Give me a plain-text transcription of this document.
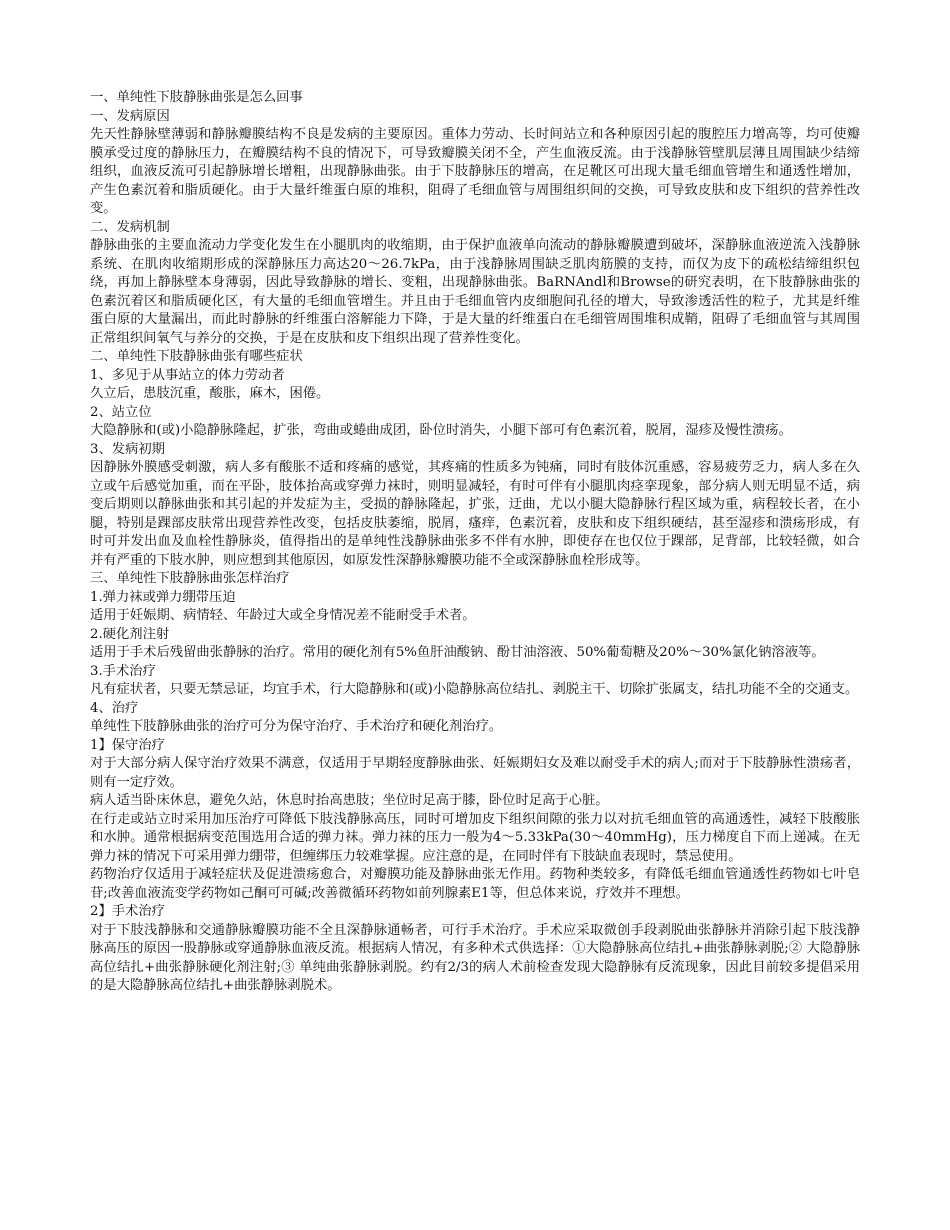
一、单纯性下肢静脉曲张是怎么回事

一、发病原因

先天性静脉壁薄弱和静脉瓣膜结构不良是发病的主要原因。重体力劳动、长时间站立和各种原因引起的腹腔压力增高等，均可使瓣膜承受过度的静脉压力，在瓣膜结构不良的情况下，可导致瓣膜关闭不全，产生血液反流。由于浅静脉管壁肌层薄且周围缺少结缔组织，血液反流可引起静脉增长增粗，出现静脉曲张。由于下肢静脉压的增高，在足靴区可出现大量毛细血管增生和通透性增加，产生色素沉着和脂质硬化。由于大量纤维蛋白原的堆积，阻碍了毛细血管与周围组织间的交换，可导致皮肤和皮下组织的营养性改变。

二、发病机制

静脉曲张的主要血流动力学变化发生在小腿肌肉的收缩期，由于保护血液单向流动的静脉瓣膜遭到破坏，深静脉血液逆流入浅静脉系统、在肌肉收缩期形成的深静脉压力高达20～26.7kPa，由于浅静脉周围缺乏肌肉筋膜的支持，而仅为皮下的疏松结缔组织包绕，再加上静脉壁本身薄弱，因此导致静脉的增长、变粗，出现静脉曲张。BaRNAndl和Browse的研究表明，在下肢静脉曲张的色素沉着区和脂质硬化区，有大量的毛细血管增生。并且由于毛细血管内皮细胞间孔径的增大，导致渗透活性的粒子，尤其是纤维蛋白原的大量漏出，而此时静脉的纤维蛋白溶解能力下降，于是大量的纤维蛋白在毛细管周围堆积成鞘，阻碍了毛细血管与其周围正常组织间氧气与养分的交换，于是在皮肤和皮下组织出现了营养性变化。

二、单纯性下肢静脉曲张有哪些症状

1、多见于从事站立的体力劳动者

久立后，患肢沉重，酸胀，麻木，困倦。

2、站立位

大隐静脉和(或)小隐静脉隆起，扩张，弯曲或蜷曲成团，卧位时消失，小腿下部可有色素沉着，脱屑，湿疹及慢性溃疡。

3、发病初期

因静脉外膜感受刺激，病人多有酸胀不适和疼痛的感觉，其疼痛的性质多为钝痛，同时有肢体沉重感，容易疲劳乏力，病人多在久立或午后感觉加重，而在平卧，肢体抬高或穿弹力袜时，则明显减轻，有时可伴有小腿肌肉痉挛现象，部分病人则无明显不适，病变后期则以静脉曲张和其引起的并发症为主，受损的静脉隆起，扩张，迂曲，尤以小腿大隐静脉行程区域为重，病程较长者，在小腿，特别是踝部皮肤常出现营养性改变，包括皮肤萎缩，脱屑，瘙痒，色素沉着，皮肤和皮下组织硬结，甚至湿疹和溃疡形成，有时可并发出血及血栓性静脉炎，值得指出的是单纯性浅静脉曲张多不伴有水肿，即使存在也仅位于踝部，足背部，比较轻微，如合并有严重的下肢水肿，则应想到其他原因，如原发性深静脉瓣膜功能不全或深静脉血栓形成等。

三、单纯性下肢静脉曲张怎样治疗

1.弹力袜或弹力绷带压迫

适用于妊娠期、病情轻、年龄过大或全身情况差不能耐受手术者。

2.硬化剂注射

适用于手术后残留曲张静脉的治疗。常用的硬化剂有5%鱼肝油酸钠、酚甘油溶液、50%葡萄糖及20%～30%氯化钠溶液等。

3.手术治疗

凡有症状者，只要无禁忌证，均宜手术，行大隐静脉和(或)小隐静脉高位结扎、剥脱主干、切除扩张属支，结扎功能不全的交通支。

4、治疗

单纯性下肢静脉曲张的治疗可分为保守治疗、手术治疗和硬化剂治疗。

1】保守治疗

对于大部分病人保守治疗效果不满意，仅适用于早期轻度静脉曲张、妊娠期妇女及难以耐受手术的病人;而对于下肢静脉性溃疡者，则有一定疗效。

病人适当卧床休息，避免久站，休息时抬高患肢；坐位时足高于膝，卧位时足高于心脏。

在行走或站立时采用加压治疗可降低下肢浅静脉高压，同时可增加皮下组织间隙的张力以对抗毛细血管的高通透性，减轻下肢酸胀和水肿。通常根据病变范围选用合适的弹力袜。弹力袜的压力一般为4～5.33kPa(30～40mmHg)，压力梯度自下而上递减。在无弹力袜的情况下可采用弹力绷带，但缠绑压力较难掌握。应注意的是，在同时伴有下肢缺血表现时，禁忌使用。

药物治疗仅适用于减轻症状及促进溃疡愈合，对瓣膜功能及静脉曲张无作用。药物种类较多，有降低毛细血管通透性药物如七叶皂苷;改善血液流变学药物如己酮可可碱;改善微循环药物如前列腺素E1等，但总体来说，疗效并不理想。

2】手术治疗

对于下肢浅静脉和交通静脉瓣膜功能不全且深静脉通畅者，可行手术治疗。手术应采取微创手段剥脱曲张静脉并消除引起下肢浅静脉高压的原因一股静脉或穿通静脉血液反流。根据病人情况，有多种术式供选择：①大隐静脉高位结扎+曲张静脉剥脱;② 大隐静脉高位结扎+曲张静脉硬化剂注射;③ 单纯曲张静脉剥脱。约有2/3的病人术前检查发现大隐静脉有反流现象，因此目前较多提倡采用的是大隐静脉高位结扎+曲张静脉剥脱术。
